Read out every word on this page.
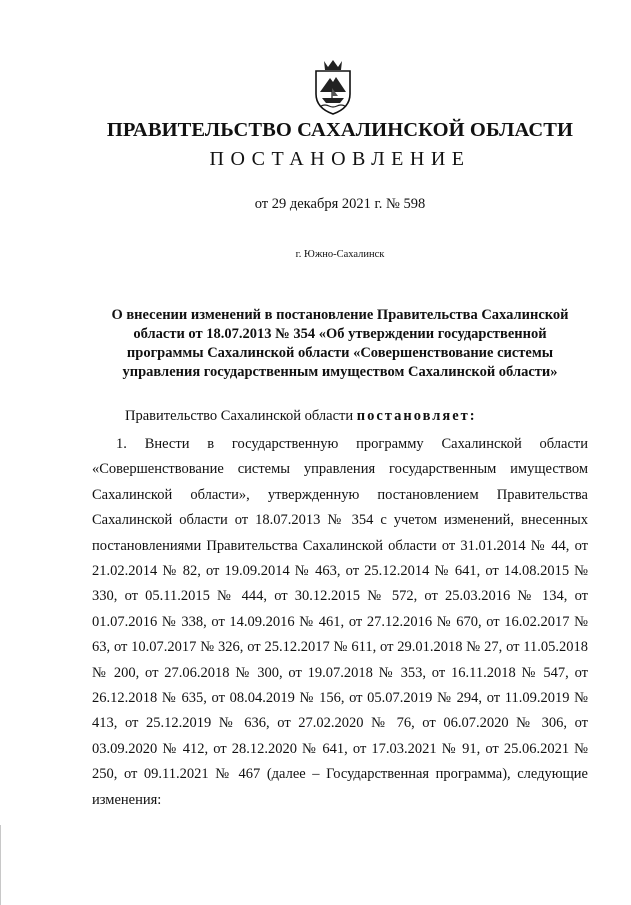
ПРАВИТЕЛЬСТВО САХАЛИНСКОЙ ОБЛАСТИ
ПОСТАНОВЛЕНИЕ
от 29 декабря 2021 г. № 598
г. Южно-Сахалинск
О внесении изменений в постановление Правительства Сахалинской области от 18.07.2013 № 354 «Об утверждении государственной программы Сахалинской области «Совершенствование системы управления государственным имуществом Сахалинской области»
Правительство Сахалинской области постановляет:
1. Внести в государственную программу Сахалинской области «Совершенствование системы управления государственным имуществом Сахалинской области», утвержденную постановлением Правительства Сахалинской области от 18.07.2013 № 354 с учетом изменений, внесенных постановлениями Правительства Сахалинской области от 31.01.2014 № 44, от 21.02.2014 № 82, от 19.09.2014 № 463, от 25.12.2014 № 641, от 14.08.2015 № 330, от 05.11.2015 № 444, от 30.12.2015 № 572, от 25.03.2016 № 134, от 01.07.2016 № 338, от 14.09.2016 № 461, от 27.12.2016 № 670, от 16.02.2017 № 63, от 10.07.2017 № 326, от 25.12.2017 № 611, от 29.01.2018 № 27, от 11.05.2018 № 200, от 27.06.2018 № 300, от 19.07.2018 № 353, от 16.11.2018 № 547, от 26.12.2018 № 635, от 08.04.2019 № 156, от 05.07.2019 № 294, от 11.09.2019 № 413, от 25.12.2019 № 636, от 27.02.2020 № 76, от 06.07.2020 № 306, от 03.09.2020 № 412, от 28.12.2020 № 641, от 17.03.2021 № 91, от 25.06.2021 № 250, от 09.11.2021 № 467 (далее – Государственная программа), следующие изменения:
